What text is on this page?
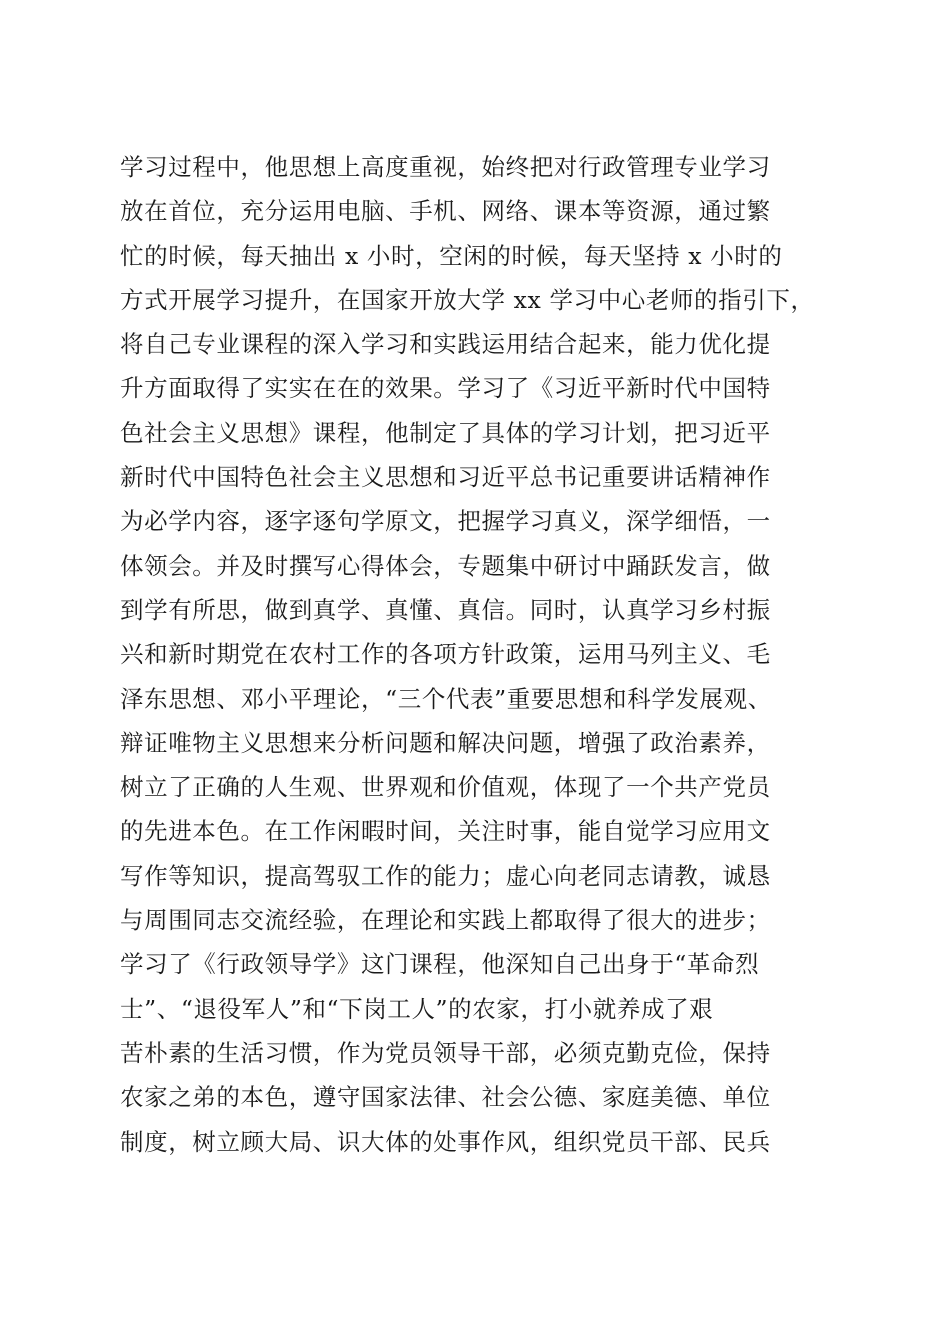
学习过程中，他思想上高度重视，始终把对行政管理专业学习
放在首位，充分运用电脑、手机、网络、课本等资源，通过繁
忙的时候，每天抽出 x 小时，空闲的时候，每天坚持 x 小时的
方式开展学习提升，在国家开放大学 xx 学习中心老师的指引下，
将自己专业课程的深入学习和实践运用结合起来，能力优化提
升方面取得了实实在在的效果。学习了《习近平新时代中国特
色社会主义思想》课程，他制定了具体的学习计划，把习近平
新时代中国特色社会主义思想和习近平总书记重要讲话精神作
为必学内容，逐字逐句学原文，把握学习真义，深学细悟，一
体领会。并及时撰写心得体会，专题集中研讨中踊跃发言，做
到学有所思，做到真学、真懂、真信。同时，认真学习乡村振
兴和新时期党在农村工作的各项方针政策，运用马列主义、毛
泽东思想、邓小平理论，“三个代表”重要思想和科学发展观、
辩证唯物主义思想来分析问题和解决问题，增强了政治素养，
树立了正确的人生观、世界观和价值观，体现了一个共产党员
的先进本色。在工作闲暇时间，关注时事，能自觉学习应用文
写作等知识，提高驾驭工作的能力；虚心向老同志请教，诚恳
与周围同志交流经验，在理论和实践上都取得了很大的进步；
学习了《行政领导学》这门课程，他深知自己出身于“革命烈
士”、“退役军人”和“下岗工人”的农家，打小就养成了艰
苦朴素的生活习惯，作为党员领导干部，必须克勤克俭，保持
农家之弟的本色，遵守国家法律、社会公德、家庭美德、单位
制度，树立顾大局、识大体的处事作风，组织党员干部、民兵
